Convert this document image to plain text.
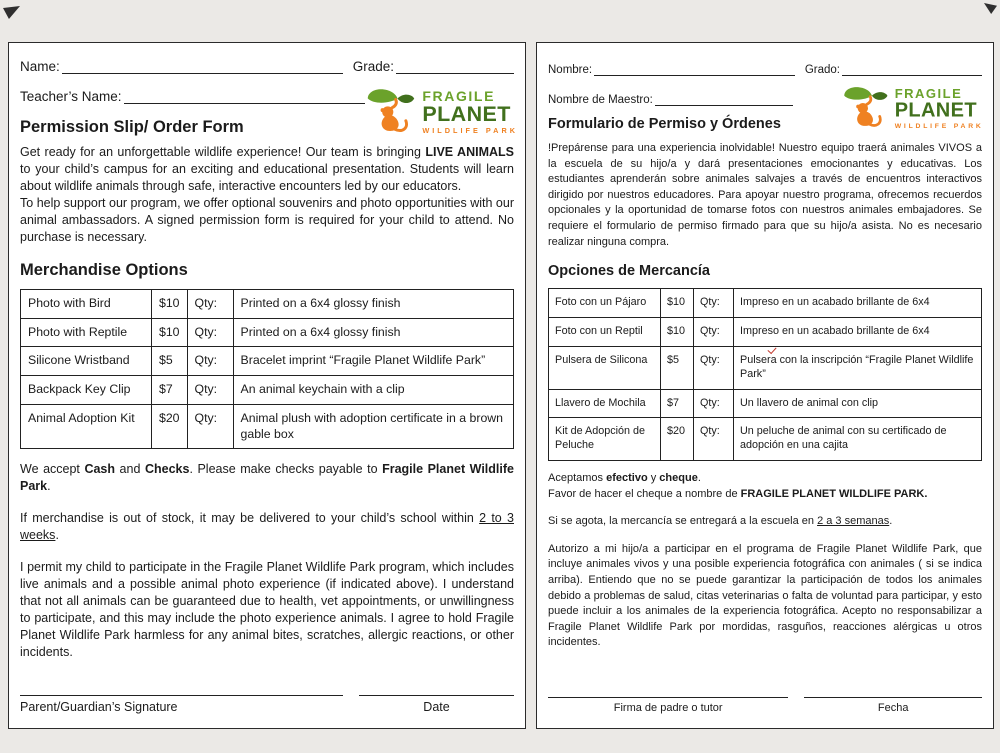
Name:	Grade:
Teacher’s Name:	FRAGILE
PLANET
WILDLIFE PARK
Permission Slip/ Order Form

Get ready for an unforgettable wildlife experience! Our team is bringing LIVE ANIMALS to your child’s campus for an exciting and educational presentation. Students will learn about wildlife animals through safe, interactive encounters led by our educators.

To help support our program, we offer optional souvenirs and photo opportunities with our animal ambassadors. A signed permission form is required for your child to attend. No purchase is necessary.

Merchandise Options
Photo with Bird	$10	Qty:	Printed on a 6x4 glossy finish
Photo with Reptile	$10	Qty:	Printed on a 6x4 glossy finish
Silicone Wristband	$5	Qty:	Bracelet imprint “Fragile Planet Wildlife Park”
Backpack Key Clip	$7	Qty:	An animal keychain with a clip
Animal Adoption Kit	$20	Qty:	Animal plush with adoption certificate in a brown gable box

We accept Cash and Checks. Please make checks payable to Fragile Planet Wildlife Park.

If merchandise is out of stock, it may be delivered to your child’s school within 2 to 3 weeks.

I permit my child to participate in the Fragile Planet Wildlife Park program, which includes live animals and a possible animal photo experience (if indicated above). I understand that not all animals can be guaranteed due to health, vet appointments, or unwillingness to participate, and this may include the photo experience animals. I agree to hold Fragile Planet Wildlife Park harmless for any animal bites, scratches, allergic reactions, or other incidents.

Parent/Guardian’s Signature	Date
Nombre:	Grado:
Nombre de Maestro:	FRAGILE
PLANET
WILDLIFE PARK
Formulario de Permiso y Órdenes

!Prepárense para una experiencia inolvidable! Nuestro equipo traerá animales VIVOS a la escuela de su hijo/a y dará presentaciones emocionantes y educativas. Los estudiantes aprenderán sobre animales salvajes a través de encuentros interactivos dirigido por nuestros educadores. Para apoyar nuestro programa, ofrecemos recuerdos opcionales y la oportunidad de tomarse fotos con nuestros animales embajadores. Se requiere el formulario de permiso firmado para que su hijo/a asista. No es necesario realizar ninguna compra.

Opciones de Mercancía
Foto con un Pájaro	$10	Qty:	Impreso en un acabado brillante de 6x4
Foto con un Reptil	$10	Qty:	Impreso en un acabado brillante de 6x4
Pulsera de Silicona	$5	Qty:	Pulsera con la inscripción “Fragile Planet Wildlife Park”
Llavero de Mochila	$7	Qty:	Un llavero de animal con clip
Kit de Adopción de Peluche	$20	Qty:	Un peluche de animal con su certificado de adopción en una cajita

Aceptamos efectivo y cheque.
Favor de hacer el cheque a nombre de FRAGILE PLANET WILDLIFE PARK.

Si se agota, la mercancía se entregará a la escuela en 2 a 3 semanas.

Autorizo a mi hijo/a a participar en el programa de Fragile Planet Wildlife Park, que incluye animales vivos y una posible experiencia fotográfica con animales ( si se indica arriba). Entiendo que no se puede garantizar la participación de todos los animales debido a problemas de salud, citas veterinarias o falta de voluntad para participar, y esto puede incluir a los animales de la experiencia fotográfica. Acepto no responsabilizar a Fragile Planet Wildlife Park por mordidas, rasguños, reacciones alérgicas u otros incidentes.

Firma de padre o tutor	Fecha
